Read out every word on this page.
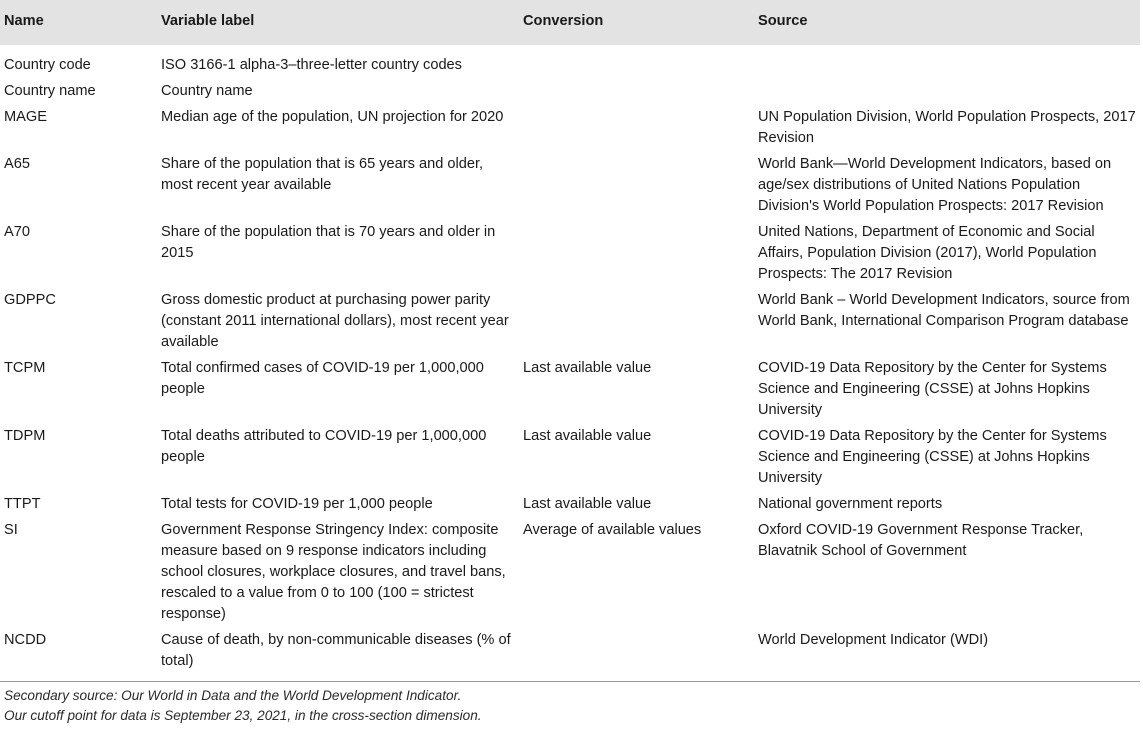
Name	Variable label	Conversion	Source
Country code	ISO 3166-1 alpha-3–three-letter country codes		
Country name	Country name		
MAGE	Median age of the population, UN projection for 2020		UN Population Division, World Population Prospects, 2017 Revision
A65	Share of the population that is 65 years and older, most recent year available		World Bank—World Development Indicators, based on age/sex distributions of United Nations Population Division's World Population Prospects: 2017 Revision
A70	Share of the population that is 70 years and older in 2015		United Nations, Department of Economic and Social Affairs, Population Division (2017), World Population Prospects: The 2017 Revision
GDPPC	Gross domestic product at purchasing power parity (constant 2011 international dollars), most recent year available		World Bank – World Development Indicators, source from World Bank, International Comparison Program database
TCPM	Total confirmed cases of COVID-19 per 1,000,000 people	Last available value	COVID-19 Data Repository by the Center for Systems Science and Engineering (CSSE) at Johns Hopkins University
TDPM	Total deaths attributed to COVID-19 per 1,000,000 people	Last available value	COVID-19 Data Repository by the Center for Systems Science and Engineering (CSSE) at Johns Hopkins University
TTPT	Total tests for COVID-19 per 1,000 people	Last available value	National government reports
SI	Government Response Stringency Index: composite measure based on 9 response indicators including school closures, workplace closures, and travel bans, rescaled to a value from 0 to 100 (100 = strictest response)	Average of available values	Oxford COVID-19 Government Response Tracker, Blavatnik School of Government
NCDD	Cause of death, by non-communicable diseases (% of total)		World Development Indicator (WDI)
Secondary source: Our World in Data and the World Development Indicator.
Our cutoff point for data is September 23, 2021, in the cross-section dimension.
